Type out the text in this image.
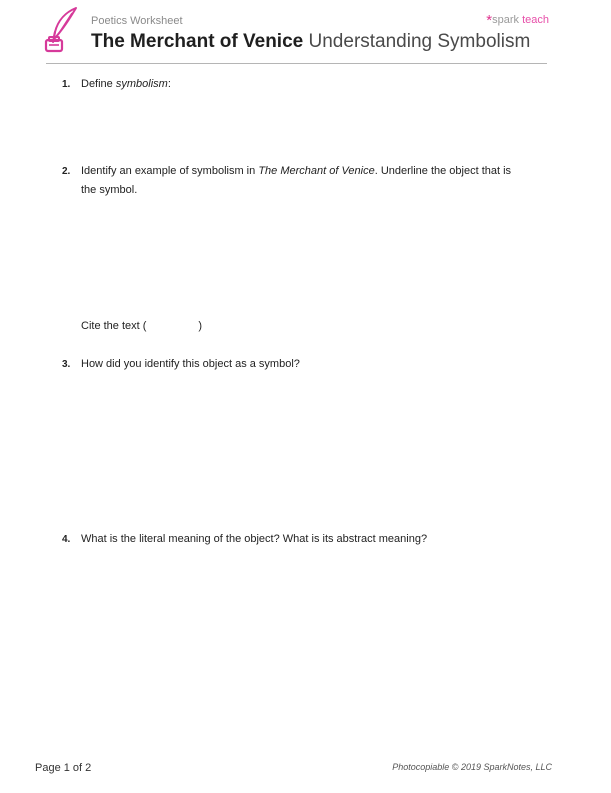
Poetics Worksheet
The Merchant of Venice Understanding Symbolism
*spark teach
1. Define symbolism:
2. Identify an example of symbolism in The Merchant of Venice. Underline the object that is the symbol.
Cite the text (	)
3. How did you identify this object as a symbol?
4. What is the literal meaning of the object? What is its abstract meaning?
Page 1 of 2	Photocopiable © 2019 SparkNotes, LLC
